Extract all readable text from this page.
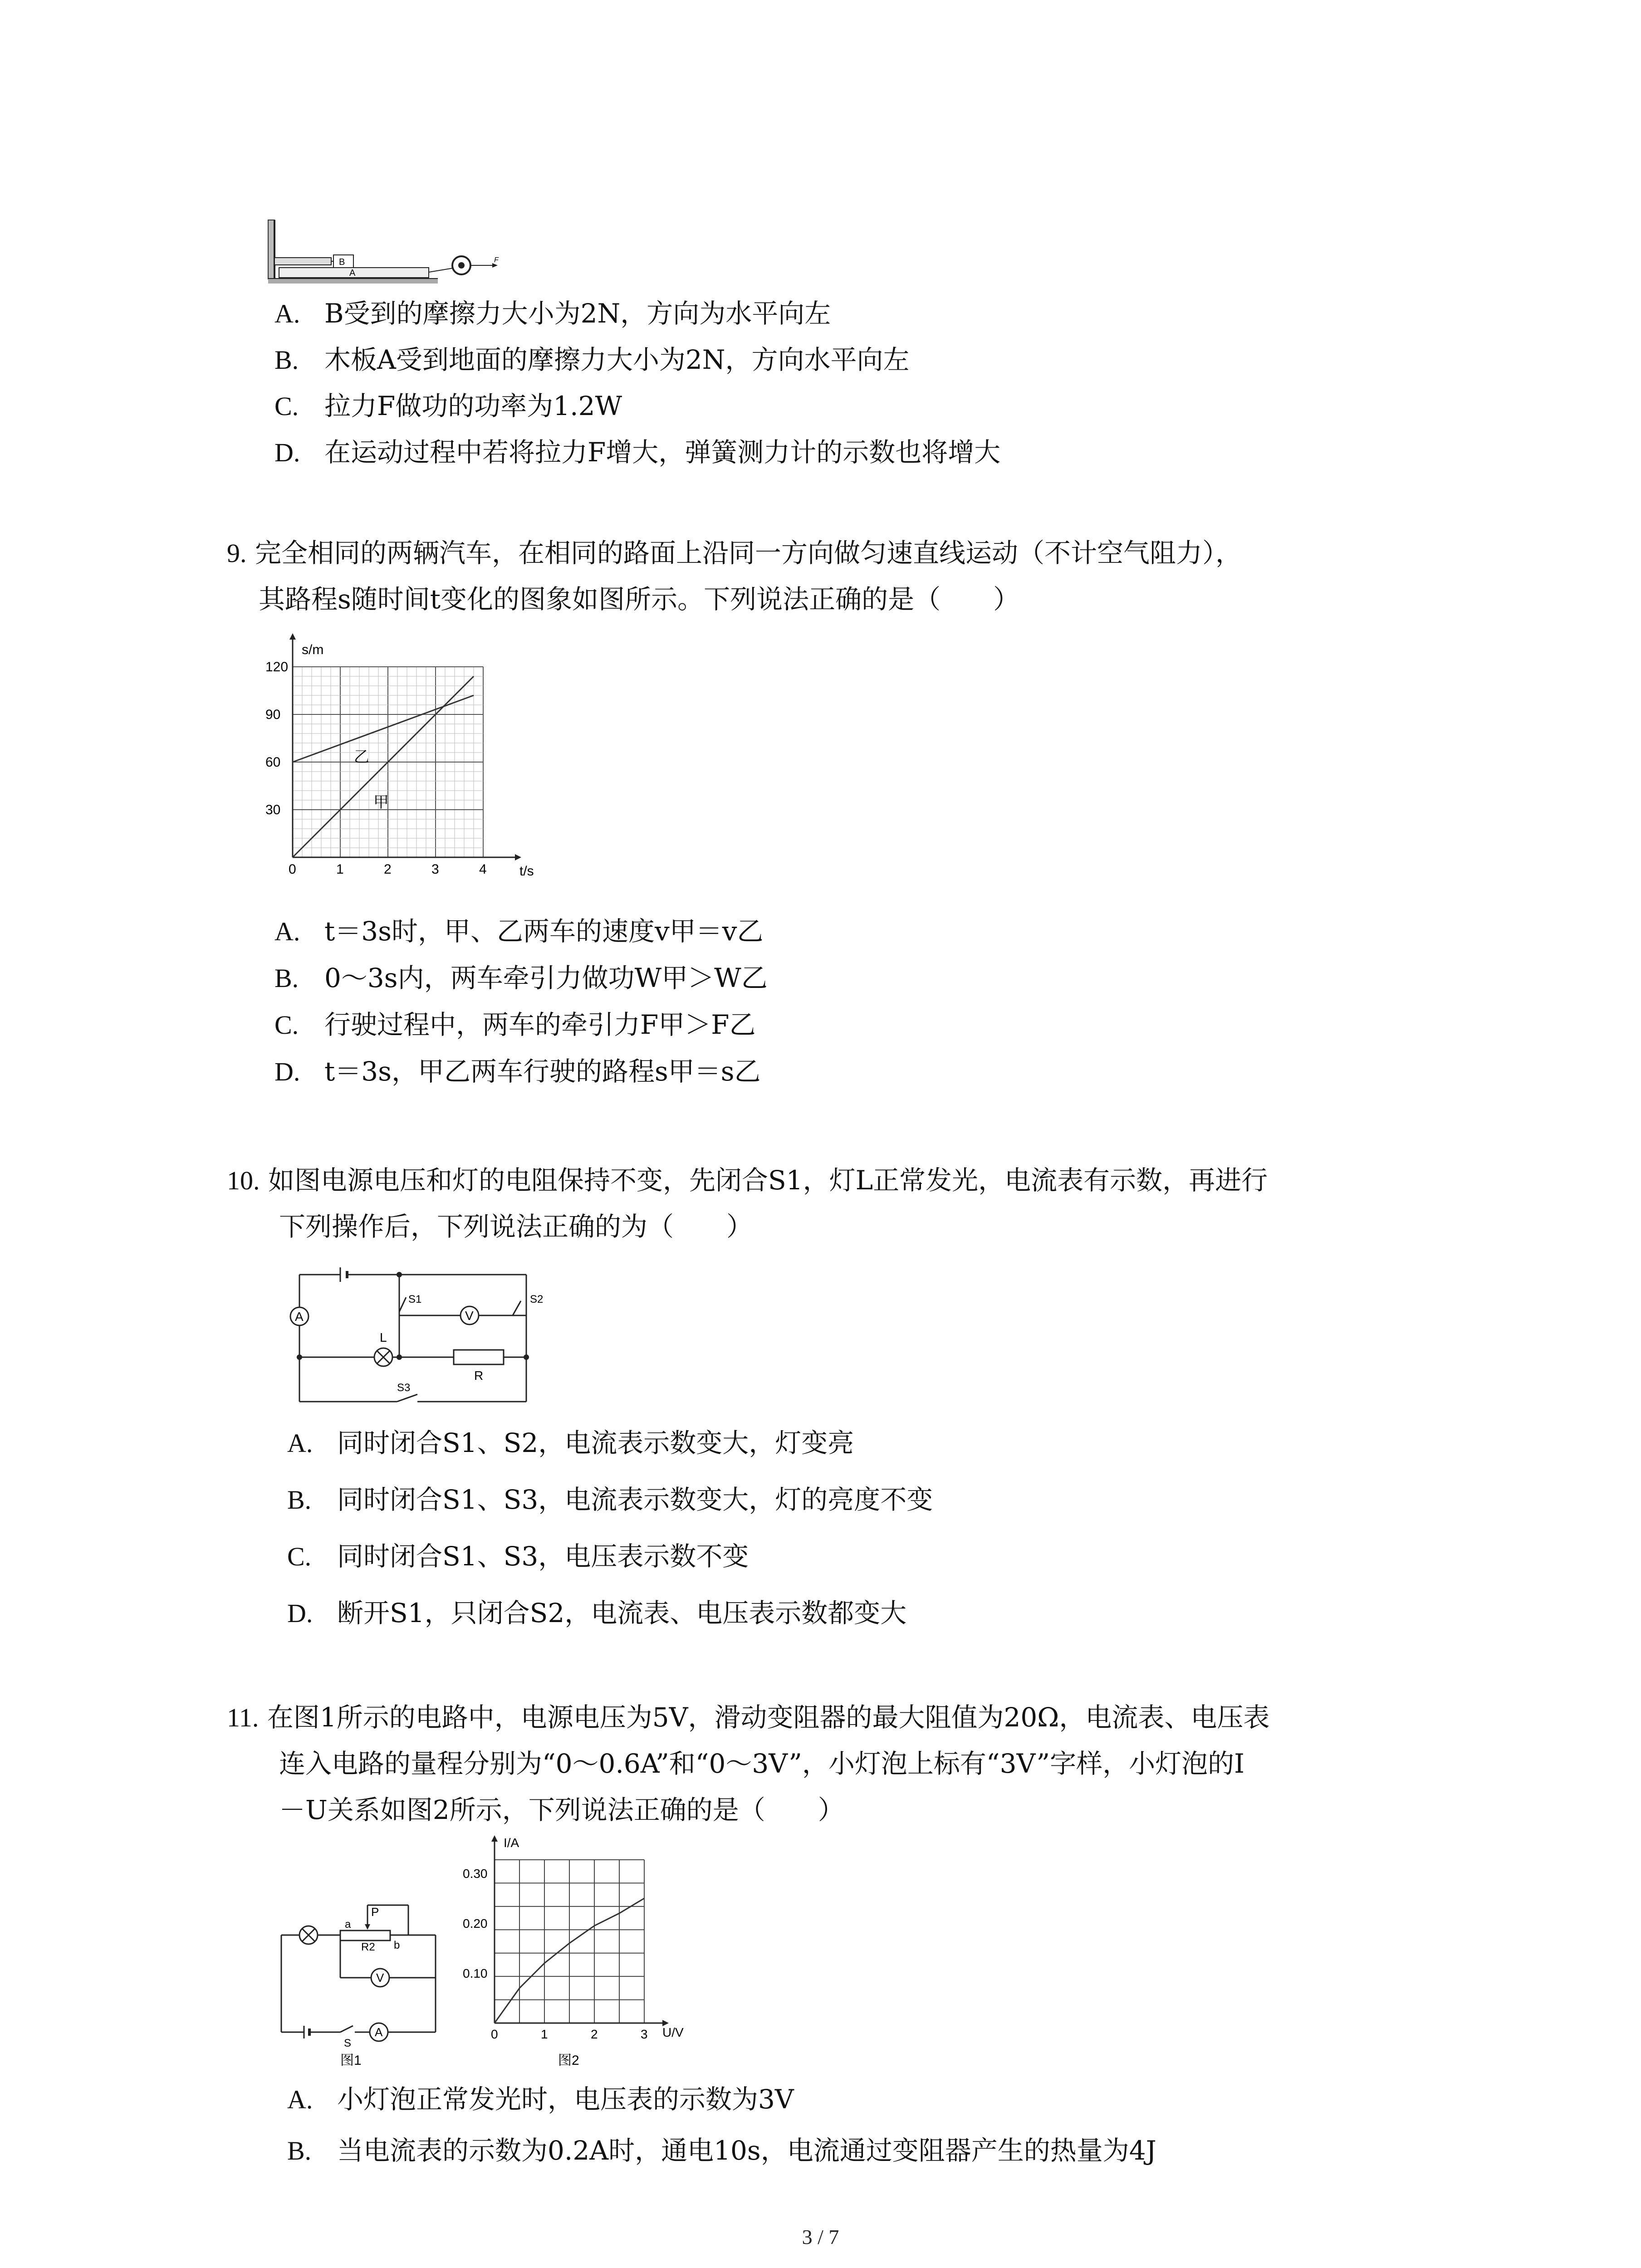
A
B	F
A. B受到的摩擦力大小为2N，方向为水平向左
B. 木板A受到地面的摩擦力大小为2N，方向水平向左
C. 拉力F做功的功率为1.2W
D. 在运动过程中若将拉力F增大，弹簧测力计的示数也将增大
9. 完全相同的两辆汽车，在相同的路面上沿同一方向做匀速直线运动（不计空气阻力），
其路程s随时间t变化的图象如图所示。下列说法正确的是（　　）
s/m
t/s
0	1	2	3	4
30
60
90
120
乙
甲
A. t＝3s时，甲、乙两车的速度v甲＝v乙
B. 0～3s内，两车牵引力做功W甲＞W乙
C. 行驶过程中，两车的牵引力F甲＞F乙
D. t＝3s，甲乙两车行驶的路程s甲＝s乙
10. 如图电源电压和灯的电阻保持不变，先闭合S1，灯L正常发光，电流表有示数，再进行
下列操作后，下列说法正确的为（　　）
A
L
V
R
S1	S2
S3
A. 同时闭合S1、S2，电流表示数变大，灯变亮
B. 同时闭合S1、S3，电流表示数变大，灯的亮度不变
C. 同时闭合S1、S3，电压表示数不变
D. 断开S1，只闭合S2，电流表、电压表示数都变大
11. 在图1所示的电路中，电源电压为5V，滑动变阻器的最大阻值为20Ω，电流表、电压表
连入电路的量程分别为“0～0.6A”和“0～3V”，小灯泡上标有“3V”字样，小灯泡的I
－U关系如图2所示，下列说法正确的是（　　）
V
A
P
a
R2 b
S
图1
I/A
U/V
0	1	2	3
0.10
0.20
0.30
图2
A. 小灯泡正常发光时，电压表的示数为3V
B. 当电流表的示数为0.2A时，通电10s，电流通过变阻器产生的热量为4J
3 / 7
